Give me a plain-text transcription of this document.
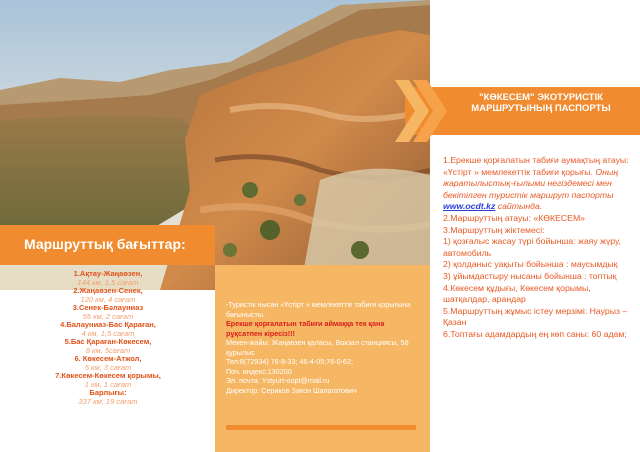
Маршруттық бағыттар:
1.Ақтау-Жаңаөзен,
144 км, 1,5 сағат
2.Жаңаөзен-Сенек,
120 км, 4 сағат
3.Сенек-Бәлауниаз
55 км, 2 сағат
4.Балауниаз-Бас Қараған,
4 км, 1,5 сағат
5.Бас Қараған-Көкесем,
8 км, 5сағат
6. Көкесем-Атжол,
5 км, 3 сағат
7.Көкесем-Көкесем қорымы,
1 км, 1 сағат
Барлығы:
337 км, 19 сағат
-Туристік нысан «Үстірт » мемлекеттік табиғи қорығына бағынысты.
Ерекше қорғалатын табиғи аймаққа тек қана рұқсатпен кіресіз!!!
Мекен-жайы: Жаңаөзен қаласы, Вокзал станциясы, 58 құрылыс
Тел:8(72934) 76-8-33; 46-4-05;76-0-62;
Поч. индекс:130200
Эл. почта: Ystyurt-oopt@mail.ru
Директор: Сериков Закон Шапагатович
"КӨКЕСЕМ" ЭКОТУРИСТІК МАРШРУТЫНЫҢ ПАСПОРТЫ
1.Ерекше қорғалатын табиғи аумақтың атауы: «Үстірт » мемлекеттік табиғи қорығы. Оның жаратылыстық-ғылыми негіздемесі мен бекітілген туристік маршрут паспорты www.ocdt.kz сайтында.
2.Маршруттың атауы: «КӨКЕСЕМ»
3.Маршруттың жіктемесі:
1) қозғалыс жасау түрі бойынша: жаяу жүру, автомобиль
2) қолданыс уақыты бойынша : маусымдық
3) ұйымдастыру нысаны бойынша : топтық
4.Көкесем құдығы, Көкесем қорымы, шатқалдар, арандар
5.Маршруттың жұмыс істеу мерзімі: Наурыз –Қазан
6.Топтағы адамдардың ең көп саны: 60 адам;
